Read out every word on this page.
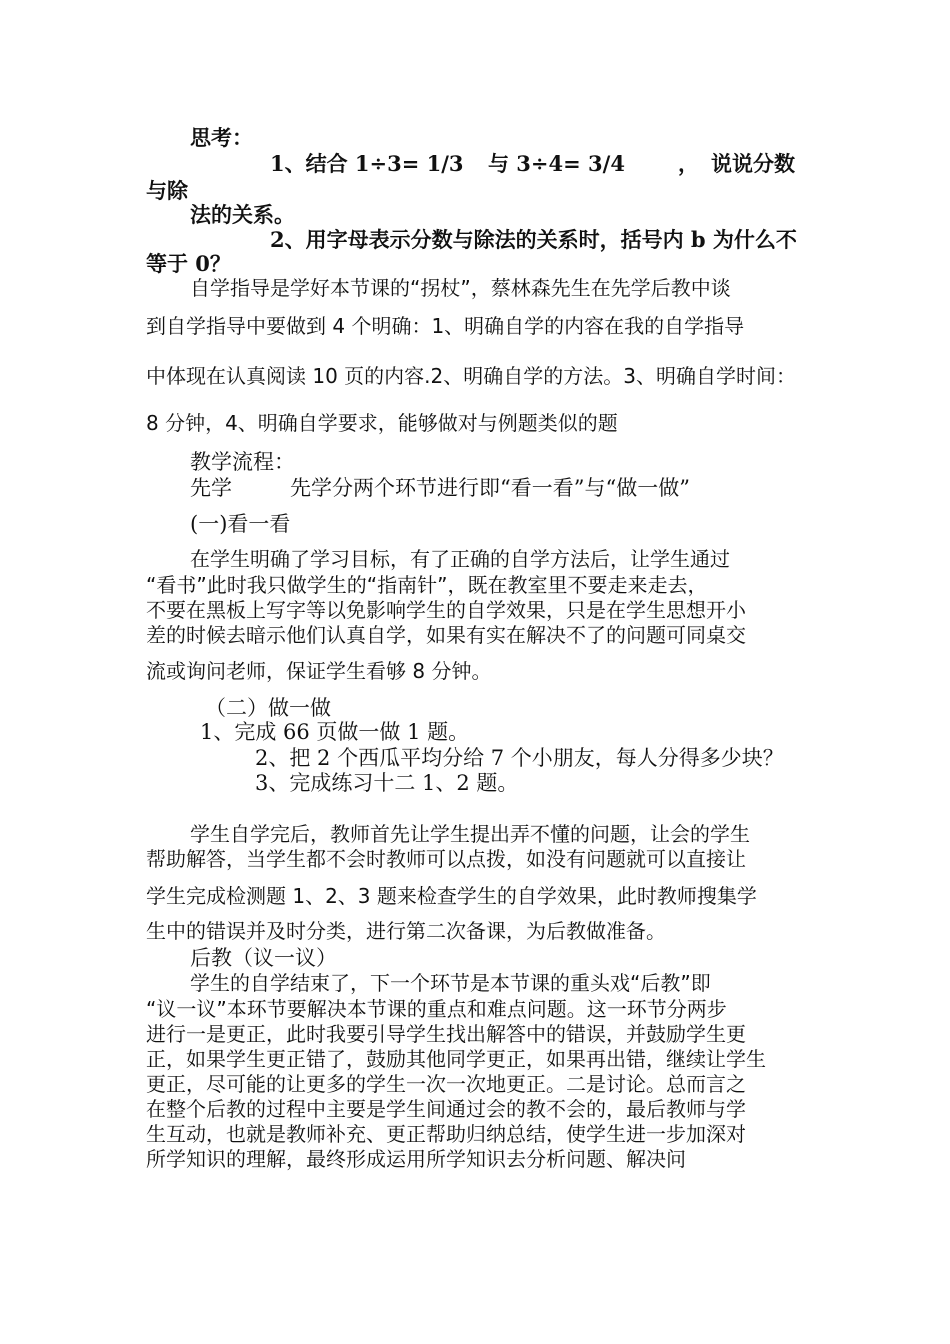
思考：

1、结合 1÷3= 1/3 与 3÷4= 3/4	， 说说分数

与除

法的关系。

2、用字母表示分数与除法的关系时，括号内 b 为什么不

等于 0？

自学指导是学好本节课的“拐杖”，蔡林森先生在先学后教中谈

到自学指导中要做到 4 个明确：1、明确自学的内容在我的自学指导

中体现在认真阅读 10 页的内容.2、明确自学的方法。3、明确自学时间：

8 分钟，4、明确自学要求，能够做对与例题类似的题

教学流程：

先学	先学分两个环节进行即“看一看”与“做一做”

(一)看一看

在学生明确了学习目标，有了正确的自学方法后，让学生通过

“看书”此时我只做学生的“指南针”，既在教室里不要走来走去，

不要在黑板上写字等以免影响学生的自学效果，只是在学生思想开小

差的时候去暗示他们认真自学，如果有实在解决不了的问题可同桌交

流或询问老师，保证学生看够 8 分钟。

（二）做一做

1、完成 66 页做一做 1 题。

2、把 2 个西瓜平均分给 7 个小朋友，每人分得多少块？

3、完成练习十二 1、2 题。

学生自学完后，教师首先让学生提出弄不懂的问题，让会的学生

帮助解答，当学生都不会时教师可以点拨，如没有问题就可以直接让

学生完成检测题 1、2、3 题来检查学生的自学效果，此时教师搜集学

生中的错误并及时分类，进行第二次备课，为后教做准备。

后教（议一议）

学生的自学结束了，下一个环节是本节课的重头戏“后教”即

“议一议”本环节要解决本节课的重点和难点问题。这一环节分两步

进行一是更正，此时我要引导学生找出解答中的错误，并鼓励学生更

正，如果学生更正错了，鼓励其他同学更正，如果再出错，继续让学生

更正，尽可能的让更多的学生一次一次地更正。二是讨论。总而言之

在整个后教的过程中主要是学生间通过会的教不会的，最后教师与学

生互动，也就是教师补充、更正帮助归纳总结，使学生进一步加深对

所学知识的理解，最终形成运用所学知识去分析问题、解决问
